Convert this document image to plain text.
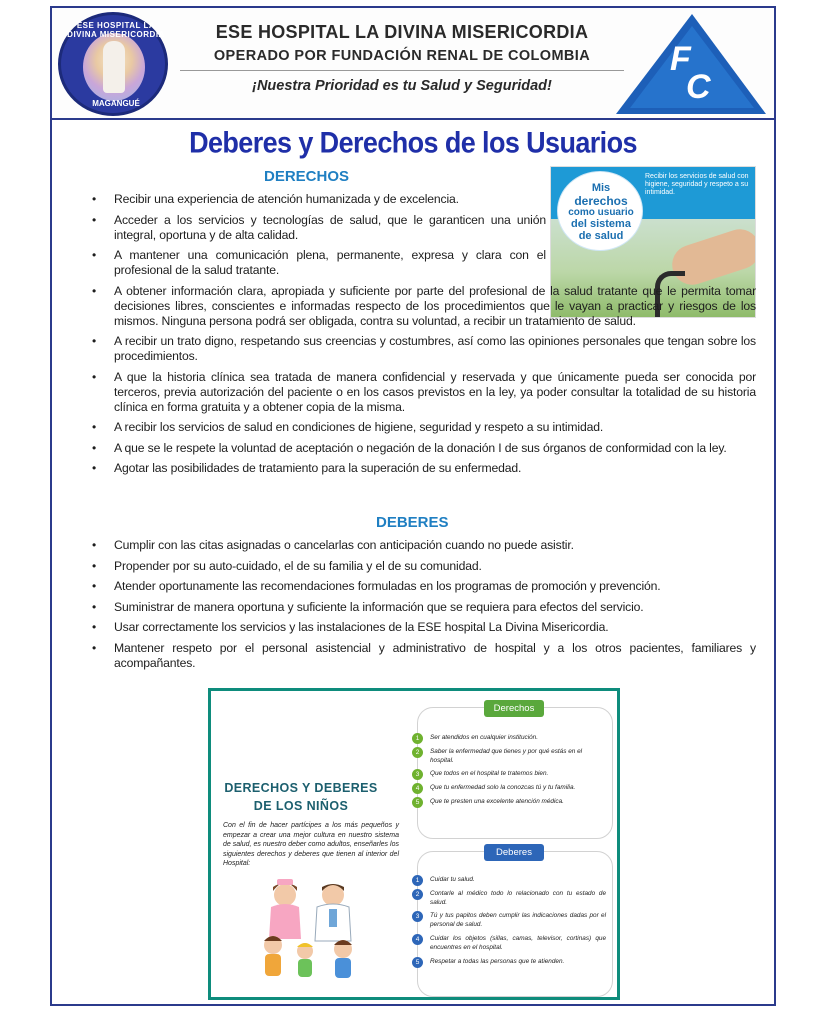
ESE HOSPITAL LA DIVINA MISERICORDIA
MAGANGUÉ
ESE HOSPITAL LA DIVINA MISERICORDIA
OPERADO POR FUNDACIÓN RENAL DE COLOMBIA
¡Nuestra Prioridad es tu Salud y Seguridad!
F
C
Deberes y Derechos de los Usuarios
DERECHOS	Recibir los servicios de salud con higiene, seguridad y respeto a su intimidad.
Mis
derechos
como usuario
del sistema
de salud
• Recibir una experiencia de atención humanizada y de excelencia.
• Acceder a los servicios y tecnologías de salud, que le garanticen una unión integral, oportuna y de alta calidad.
• A mantener una comunicación plena, permanente, expresa y clara con el profesional de la salud tratante.
• A obtener información clara, apropiada y suficiente por parte del profesional de la salud tratante que le permita tomar decisiones libres, conscientes e informadas respecto de los procedimientos que le vayan a practicar y riesgos de los mismos. Ninguna persona podrá ser obligada, contra su voluntad, a recibir un tratamiento de salud.
• A recibir un trato digno, respetando sus creencias y costumbres, así como las opiniones personales que tengan sobre los procedimientos.
• A que la historia clínica sea tratada de manera confidencial y reservada y que únicamente pueda ser conocida por terceros, previa autorización del paciente o en los casos previstos en la ley, ya poder consultar la totalidad de su historia clínica en forma gratuita y a obtener copia de la misma.
• A recibir los servicios de salud en condiciones de higiene, seguridad y respeto a su intimidad.
• A que se le respete la voluntad de aceptación o negación de la donación I de sus órganos de conformidad con la ley.
• Agotar las posibilidades de tratamiento para la superación de su enfermedad.
DEBERES
• Cumplir con las citas asignadas o cancelarlas con anticipación cuando no puede asistir.
• Propender por su auto-cuidado, el de su familia y el de su comunidad.
• Atender oportunamente las recomendaciones formuladas en los programas de promoción y prevención.
• Suministrar de manera oportuna y suficiente la información que se requiera para efectos del servicio.
• Usar correctamente los servicios y las instalaciones de la ESE hospital La Divina Misericordia.
• Mantener respeto por el personal asistencial y administrativo de hospital y a los otros pacientes, familiares y acompañantes.
DERECHOS Y DEBERES
DE LOS NIÑOS
Con el fin de hacer partícipes a los más pequeños y empezar a crear una mejor cultura en nuestro sistema de salud, es nuestro deber como adultos, enseñarles los siguientes derechos y deberes que tienen al interior del Hospital:
Derechos
1	Ser atendidos en cualquier institución.
2	Saber la enfermedad que tienes y por qué estás en el hospital.
3	Que todos en el hospital te tratemos bien.
4	Que tu enfermedad solo la conozcas tú y tu familia.
5	Que te presten una excelente atención médica.
Deberes
1	Cuidar tu salud.
2	Contarle al médico todo lo relacionado con tu estado de salud.
3	Tú y tus papitos deben cumplir las indicaciones dadas por el personal de salud.
4	Cuidar los objetos (sillas, camas, televisor, cortinas) que encuentres en el hospital.
5	Respetar a todas las personas que te atienden.
